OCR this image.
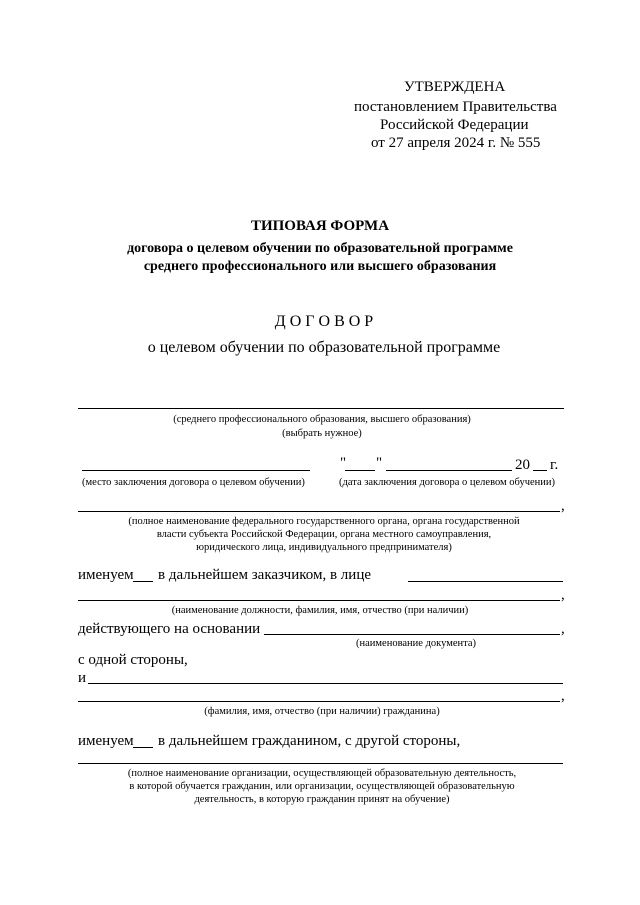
УТВЕРЖДЕНА
постановлением Правительства
Российской Федерации
от 27 апреля 2024 г. № 555
ТИПОВАЯ ФОРМА
договора о целевом обучении по образовательной программе
среднего профессионального или высшего образования
Д О Г О В О Р
о целевом обучении по образовательной программе
(среднего профессионального образования, высшего образования)
(выбрать нужное)
" "	20 г.
(место заключения договора о целевом обучении)	(дата заключения договора о целевом обучении)
,
(полное наименование федерального государственного органа, органа государственной
власти субъекта Российской Федерации, органа местного самоуправления,
юридического лица, индивидуального предпринимателя)
именуем в дальнейшем заказчиком, в лице
,
(наименование должности, фамилия, имя, отчество (при наличии)
действующего на основании	,
(наименование документа)
с одной стороны,
и
,
(фамилия, имя, отчество (при наличии) гражданина)
именуем в дальнейшем гражданином, с другой стороны,
(полное наименование организации, осуществляющей образовательную деятельность,
в которой обучается гражданин, или организации, осуществляющей образовательную
деятельность, в которую гражданин принят на обучение)
